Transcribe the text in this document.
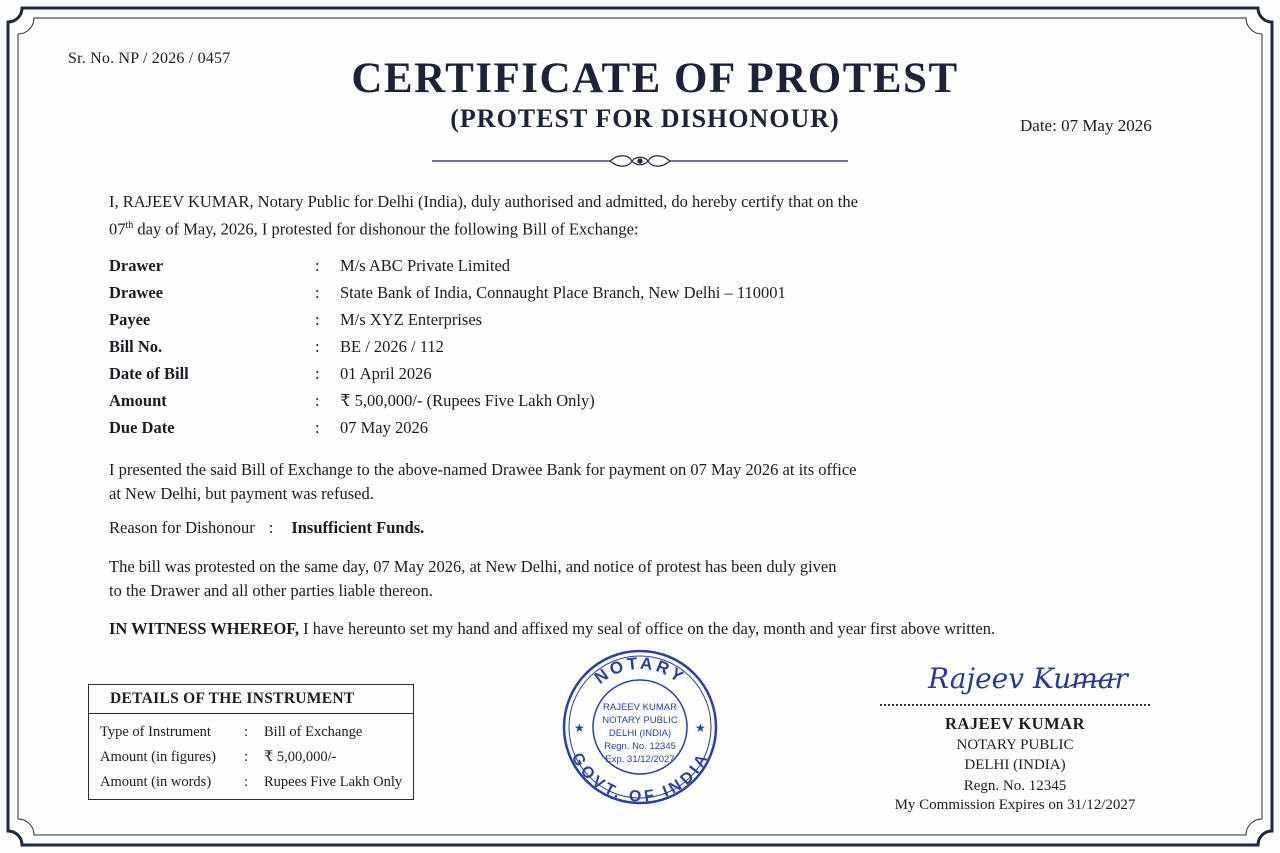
Sr. No. NP / 2026 / 0457	CERTIFICATE OF PROTEST
(PROTEST FOR DISHONOUR)	Date: 07 May 2026
I, RAJEEV KUMAR, Notary Public for Delhi (India), duly authorised and admitted, do hereby certify that on the
07th day of May, 2026, I protested for dishonour the following Bill of Exchange:
Drawer	: M/s ABC Private Limited
Drawee	: State Bank of India, Connaught Place Branch, New Delhi – 110001
Payee	: M/s XYZ Enterprises
Bill No.	: BE / 2026 / 112
Date of Bill	: 01 April 2026
Amount	: ₹ 5,00,000/- (Rupees Five Lakh Only)
Due Date	: 07 May 2026
I presented the said Bill of Exchange to the above-named Drawee Bank for payment on 07 May 2026 at its office
at New Delhi, but payment was refused.
Reason for Dishonour : Insufficient Funds.
The bill was protested on the same day, 07 May 2026, at New Delhi, and notice of protest has been duly given
to the Drawer and all other parties liable thereon.
IN WITNESS WHEREOF, I have hereunto set my hand and affixed my seal of office on the day, month and year first above written.
DETAILS OF THE INSTRUMENT
Type of Instrument : Bill of Exchange
Amount (in figures) : ₹ 5,00,000/-
Amount (in words) : Rupees Five Lakh Only
NOTARY
GOVT. OF INDIA
★	★
RAJEEV KUMAR
NOTARY PUBLIC
DELHI (INDIA)
Regn. No. 12345
Exp. 31/12/2027
Rajeev Kumar
RAJEEV KUMAR
NOTARY PUBLIC
DELHI (INDIA)
Regn. No. 12345
My Commission Expires on 31/12/2027
